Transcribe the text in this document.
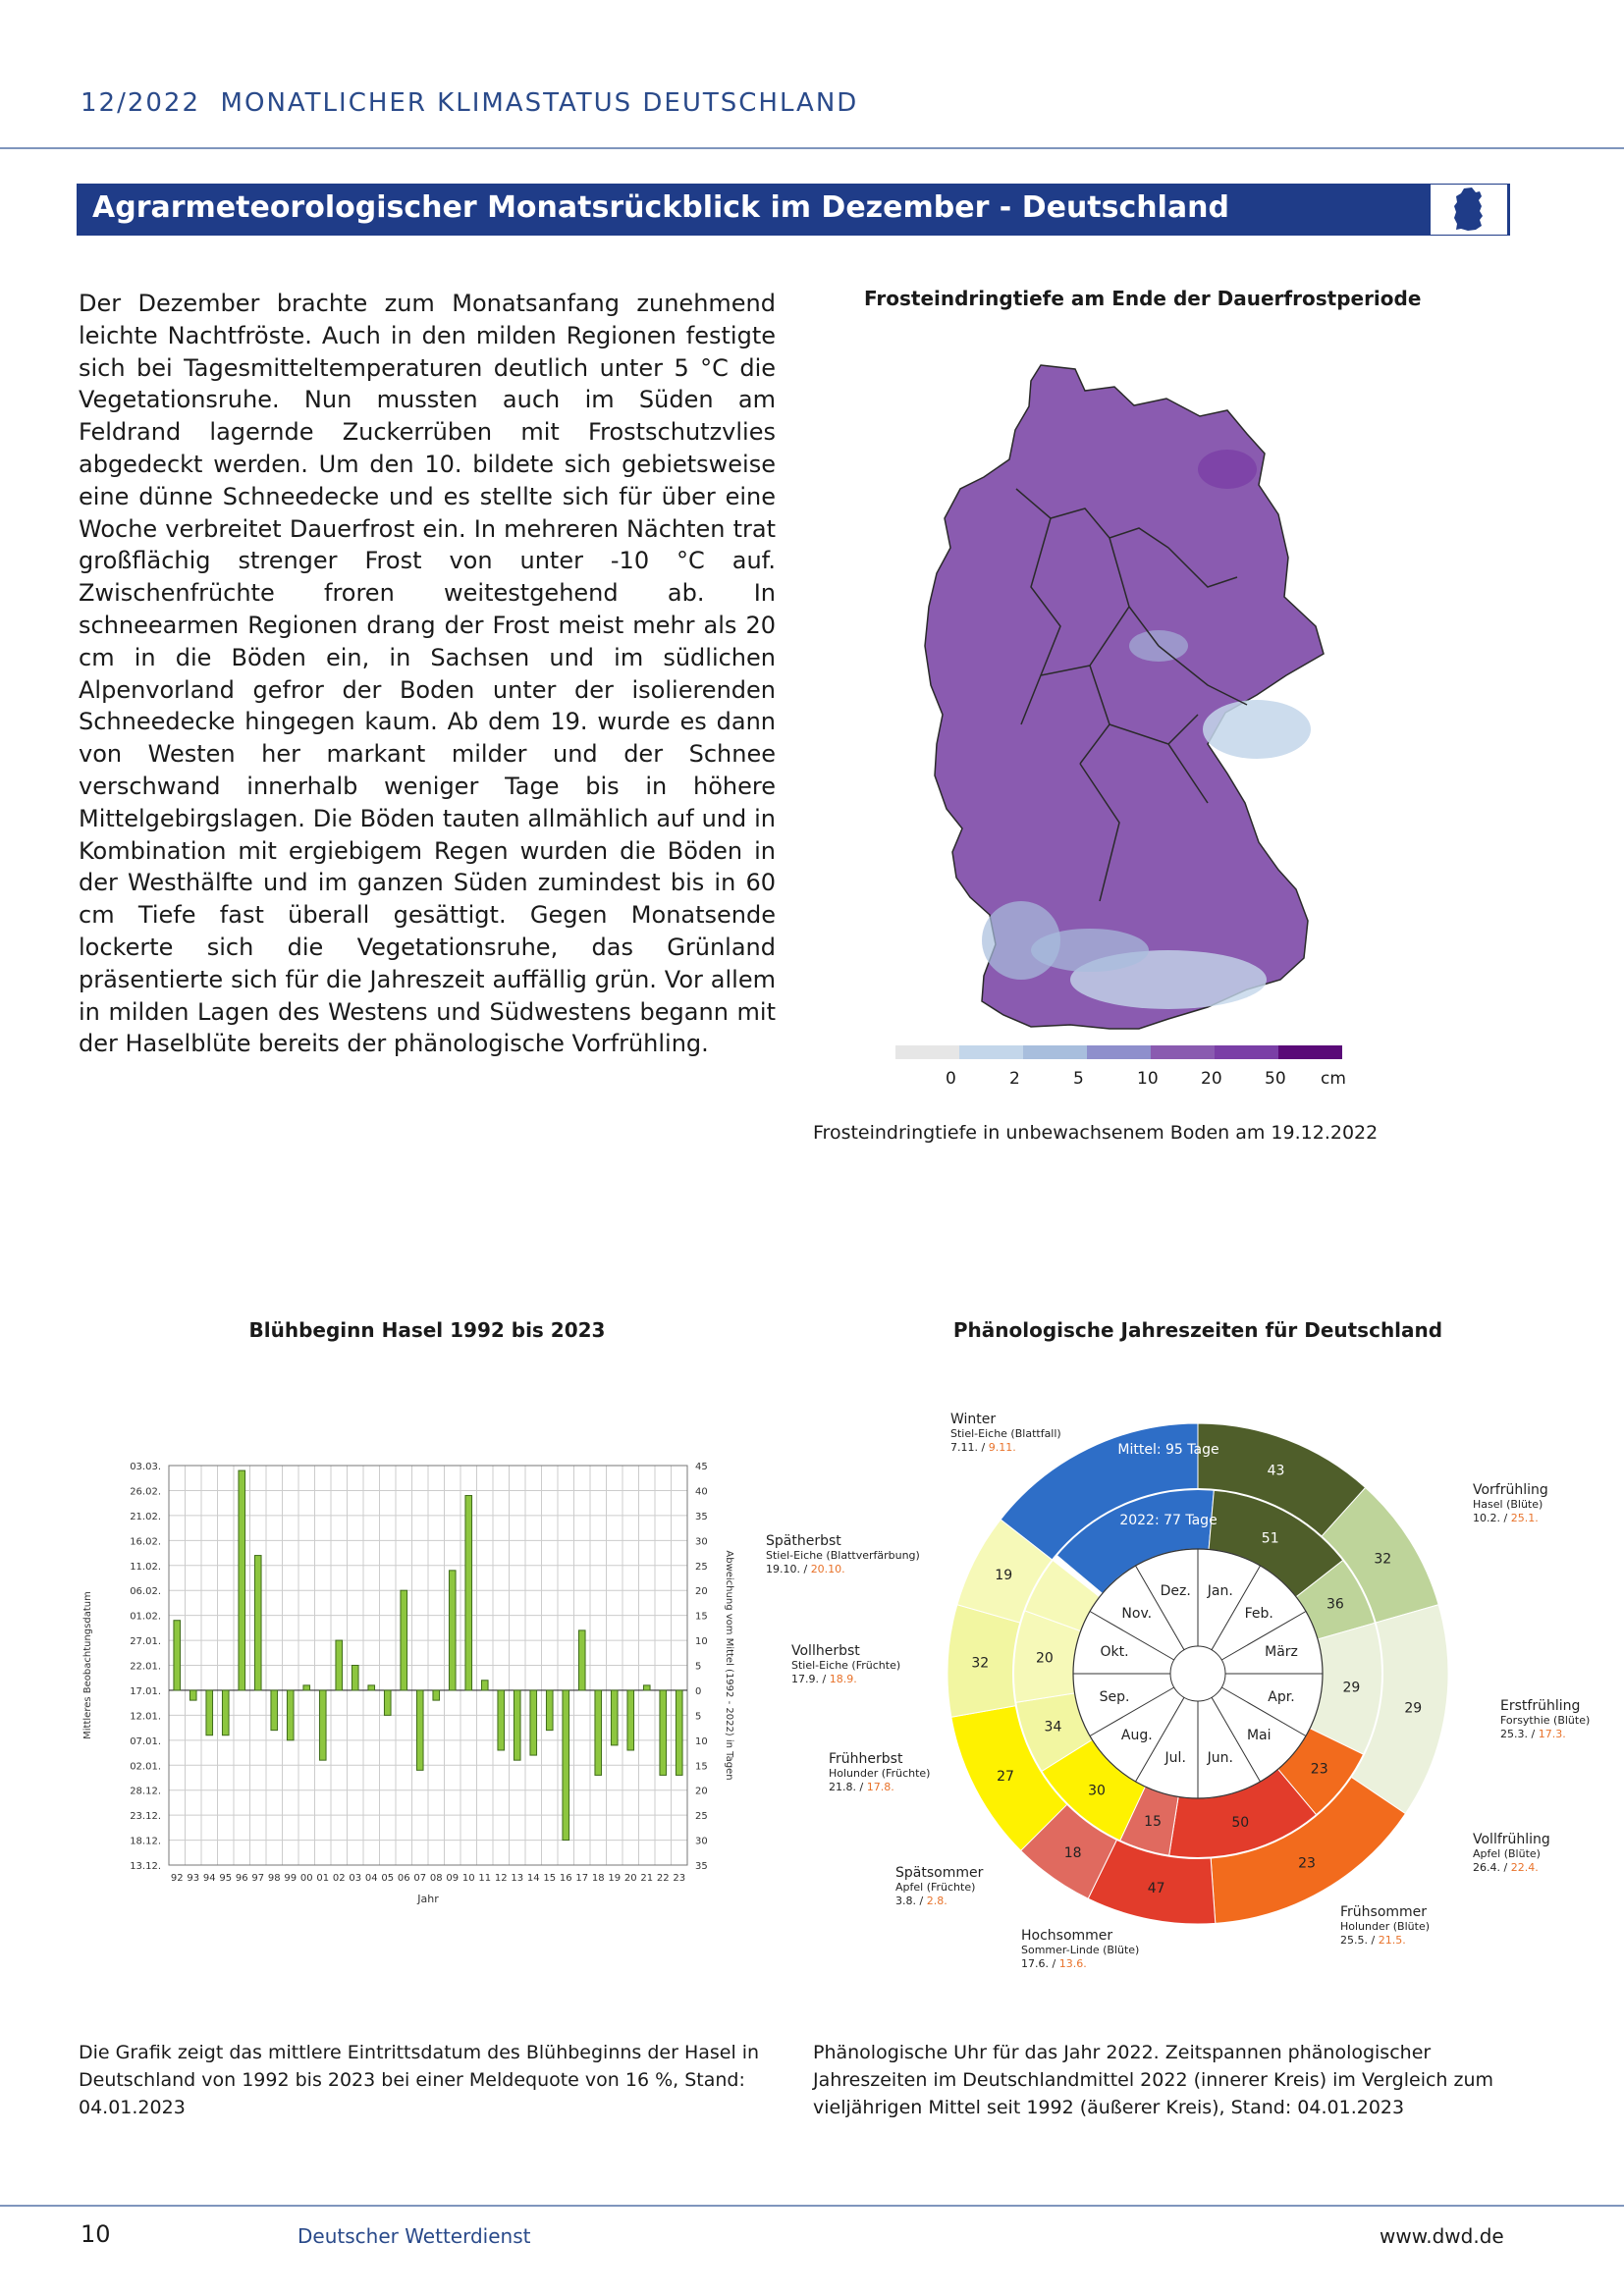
12/2022 MONATLICHER KLIMASTATUS DEUTSCHLAND
Agrarmeteorologischer Monatsrückblick im Dezember - Deutschland
Der Dezember brachte zum Monatsanfang zunehmend leichte Nachtfröste. Auch in den milden Regionen festigte sich bei Tagesmitteltemperaturen deutlich unter 5 °C die Vegetationsruhe. Nun mussten auch im Süden am Feldrand lagernde Zuckerrüben mit Frostschutzvlies abgedeckt werden. Um den 10. bildete sich gebietsweise eine dünne Schneedecke und es stellte sich für über eine Woche verbreitet Dauerfrost ein. In mehreren Nächten trat großflächig strenger Frost von unter -10 °C auf. Zwischenfrüchte froren weitestgehend ab. In schneearmen Regionen drang der Frost meist mehr als 20 cm in die Böden ein, in Sachsen und im südlichen Alpenvorland gefror der Boden unter der isolierenden Schneedecke hingegen kaum. Ab dem 19. wurde es dann von Westen her markant milder und der Schnee verschwand innerhalb weniger Tage bis in höhere Mittelgebirgslagen. Die Böden tauten allmählich auf und in Kombination mit ergiebigem Regen wurden die Böden in der Westhälfte und im ganzen Süden zumindest bis in 60 cm Tiefe fast überall gesättigt. Gegen Monatsende lockerte sich die Vegetationsruhe, das Grünland präsentierte sich für die Jahreszeit auffällig grün. Vor allem in milden Lagen des Westens und Südwestens begann mit der Haselblüte bereits der phänologische Vorfrühling.
Frosteindringtiefe am Ende der Dauerfrostperiode
0	2	5	10	20	50 cm
Frosteindringtiefe in unbewachsenem Boden am 19.12.2022
Blühbeginn Hasel 1992 bis 2023
92 93 94 95 96 97 98 99 00 01 02 03 04 05 06 07 08 09 10 11 12 13 14 15 16 17 18 19 20 21 22 23
03.03.
26.02.
21.02.
16.02.
11.02.
06.02.
01.02.
27.01.
22.01.
17.01.
12.01.
07.01.
02.01.
28.12.
23.12.
18.12.
13.12.
45
40
35
30
25
20
15
10
5
0
5
10
15
20
25
30
35
Jahr
Mittleres Beobachtungsdatum	Abweichung vom Mittel (1992 - 2022) in Tagen
Die Grafik zeigt das mittlere Eintrittsdatum des Blühbeginns der Hasel in Deutschland von 1992 bis 2023 bei einer Meldequote von 16 %, Stand: 04.01.2023
Phänologische Jahreszeiten für Deutschland
Jan.
Feb.
März
Apr.
Mai
Jun.
Jul.
Aug.
Sep.
Okt.
Nov.
Dez.
Mittel: 95 Tage
2022: 77 Tage
43
32
29
23
47
18
27
32
19
51
36
29
23
50
15
30
34
20
Winter
Stiel-Eiche (Blattfall)
7.11. / 9.11.
Vorfrühling
Hasel (Blüte)
10.2. / 25.1.
Erstfrühling
Forsythie (Blüte)
25.3. / 17.3.
Vollfrühling
Apfel (Blüte)
26.4. / 22.4.
Frühsommer
Holunder (Blüte)
25.5. / 21.5.
Hochsommer
Sommer-Linde (Blüte)
17.6. / 13.6.
Spätsommer
Apfel (Früchte)
3.8. / 2.8.
Frühherbst
Holunder (Früchte)
21.8. / 17.8.
Vollherbst
Stiel-Eiche (Früchte)
17.9. / 18.9.
Spätherbst
Stiel-Eiche (Blattverfärbung)
19.10. / 20.10.
Phänologische Uhr für das Jahr 2022. Zeitspannen phänologischer Jahreszeiten im Deutschlandmittel 2022 (innerer Kreis) im Vergleich zum vieljährigen Mittel seit 1992 (äußerer Kreis), Stand: 04.01.2023
10	Deutscher Wetterdienst	www.dwd.de
